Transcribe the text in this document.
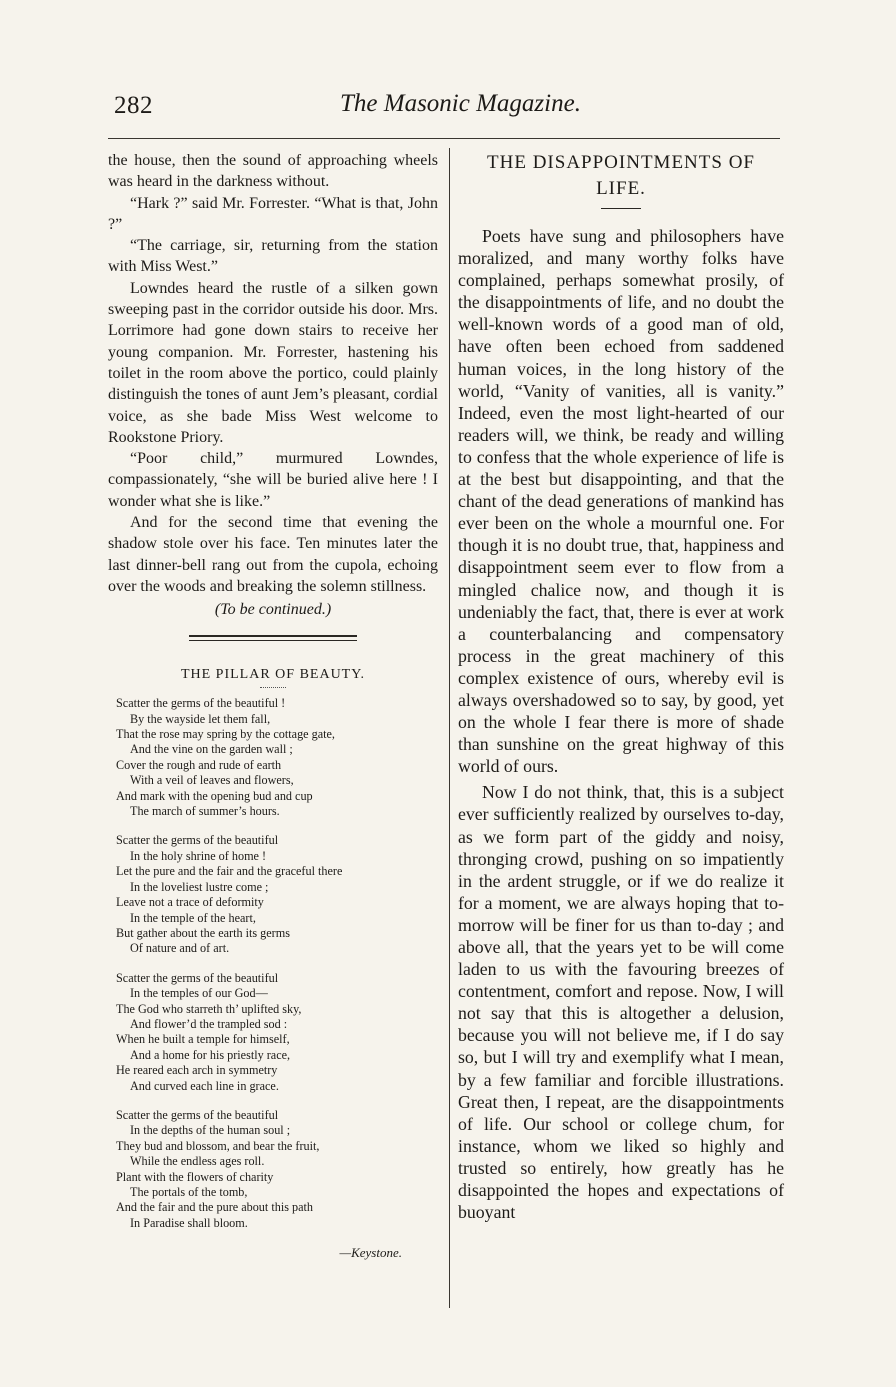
282	The Masonic Magazine.

the house, then the sound of approaching wheels was heard in the darkness without.

“Hark ?” said Mr. Forrester. “What is that, John ?”

“The carriage, sir, returning from the station with Miss West.”

Lowndes heard the rustle of a silken gown sweeping past in the corridor outside his door. Mrs. Lorrimore had gone down stairs to receive her young companion. Mr. Forrester, hastening his toilet in the room above the portico, could plainly distinguish the tones of aunt Jem’s pleasant, cordial voice, as she bade Miss West welcome to Rookstone Priory.

“Poor child,” murmured Lowndes, compassionately, “she will be buried alive here ! I wonder what she is like.”

And for the second time that evening the shadow stole over his face. Ten minutes later the last dinner-bell rang out from the cupola, echoing over the woods and breaking the solemn stillness.

(To be continued.)

THE PILLAR OF BEAUTY.
Scatter the germs of the beautiful !
By the wayside let them fall,
That the rose may spring by the cottage gate,
And the vine on the garden wall ;
Cover the rough and rude of earth
With a veil of leaves and flowers,
And mark with the opening bud and cup
The march of summer’s hours.
Scatter the germs of the beautiful
In the holy shrine of home !
Let the pure and the fair and the graceful there
In the loveliest lustre come ;
Leave not a trace of deformity
In the temple of the heart,
But gather about the earth its germs
Of nature and of art.
Scatter the germs of the beautiful
In the temples of our God—
The God who starreth th’ uplifted sky,
And flower’d the trampled sod :
When he built a temple for himself,
And a home for his priestly race,
He reared each arch in symmetry
And curved each line in grace.
Scatter the germs of the beautiful
In the depths of the human soul ;
They bud and blossom, and bear the fruit,
While the endless ages roll.
Plant with the flowers of charity
The portals of the tomb,
And the fair and the pure about this path
In Paradise shall bloom.
—Keystone.
THE DISAPPOINTMENTS OF
LIFE.

Poets have sung and philosophers have moralized, and many worthy folks have complained, perhaps somewhat prosily, of the disappointments of life, and no doubt the well-known words of a good man of old, have often been echoed from saddened human voices, in the long history of the world, “Vanity of vanities, all is vanity.” Indeed, even the most light-hearted of our readers will, we think, be ready and willing to confess that the whole experience of life is at the best but disappointing, and that the chant of the dead generations of mankind has ever been on the whole a mournful one. For though it is no doubt true, that, happiness and disappointment seem ever to flow from a mingled chalice now, and though it is undeniably the fact, that, there is ever at work a counterbalancing and compensatory process in the great machinery of this complex existence of ours, whereby evil is always overshadowed so to say, by good, yet on the whole I fear there is more of shade than sunshine on the great highway of this world of ours.

Now I do not think, that, this is a subject ever sufficiently realized by ourselves to-day, as we form part of the giddy and noisy, thronging crowd, pushing on so impatiently in the ardent struggle, or if we do realize it for a moment, we are always hoping that to-morrow will be finer for us than to-day ; and above all, that the years yet to be will come laden to us with the favouring breezes of contentment, comfort and repose. Now, I will not say that this is altogether a delusion, because you will not believe me, if I do say so, but I will try and exemplify what I mean, by a few familiar and forcible illustrations. Great then, I repeat, are the disappointments of life. Our school or college chum, for instance, whom we liked so highly and trusted so entirely, how greatly has he disappointed the hopes and expectations of buoyant
